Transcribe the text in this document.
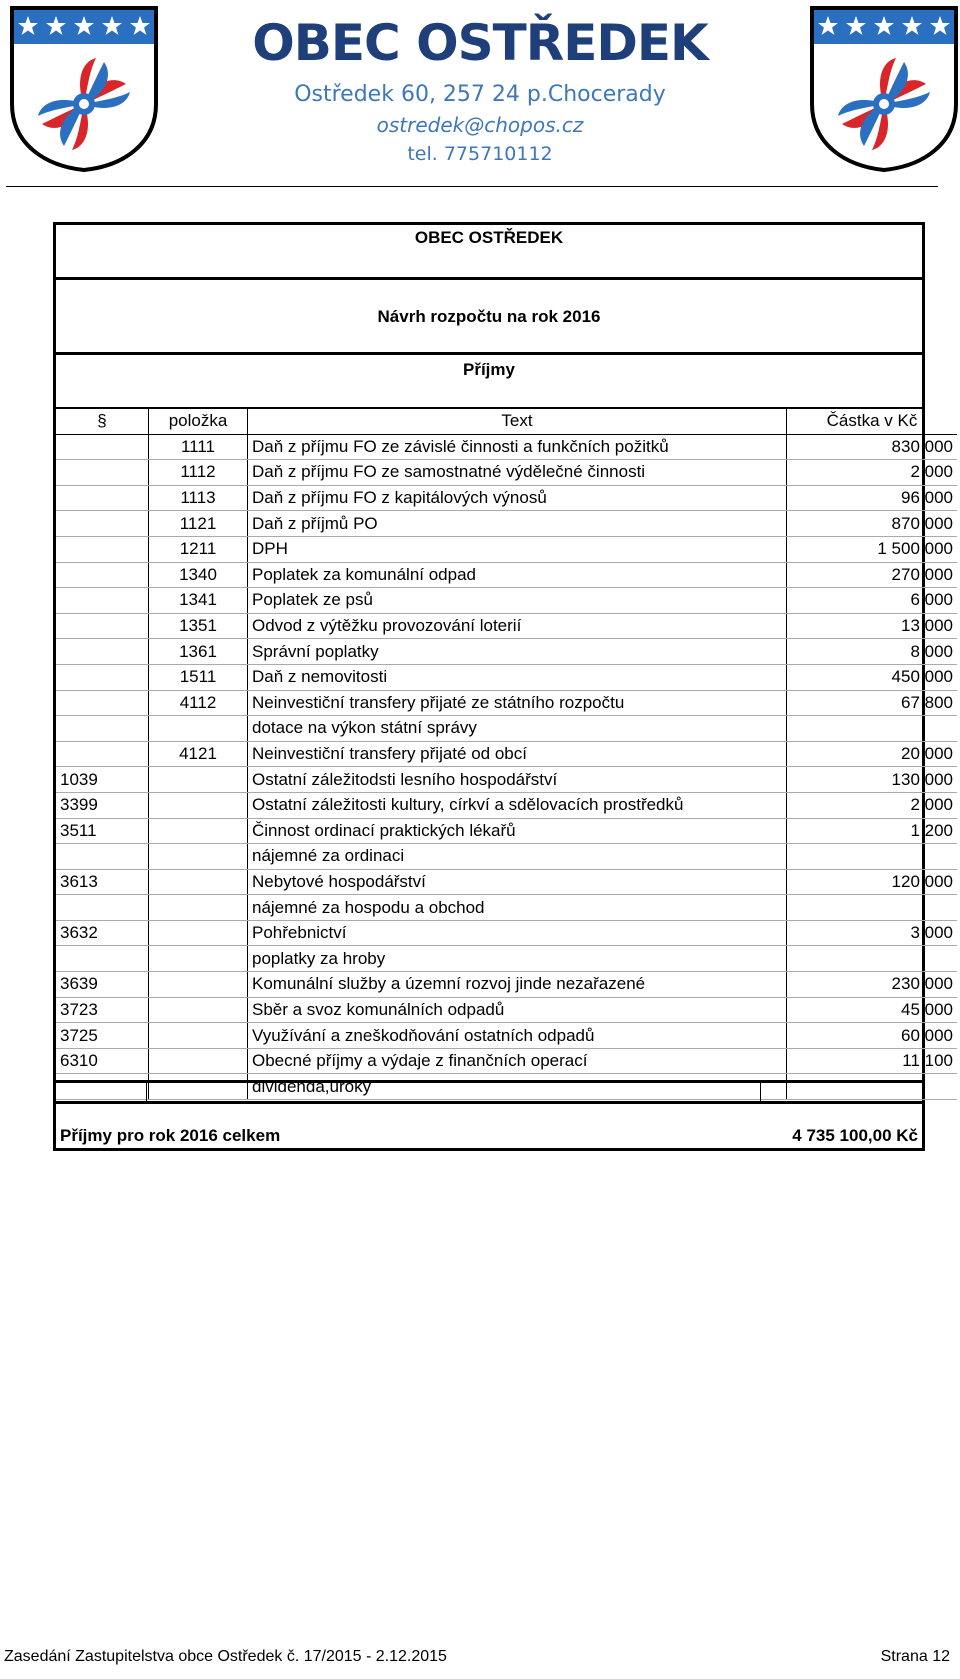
OBEC OSTŘEDEK
Ostředek 60, 257 24 p.Chocerady
ostredek@chopos.cz
tel. 775710112
OBEC OSTŘEDEK
Návrh rozpočtu na rok 2016
Příjmy
§	položka	Text	Částka v Kč
	1111	Daň z příjmu FO ze závislé činnosti a funkčních požitků	830 000
	1112	Daň z příjmu FO ze samostnatné výdělečné činnosti	2 000
	1113	Daň z příjmu FO z kapitálových výnosů	96 000
	1121	Daň z příjmů PO	870 000
	1211	DPH	1 500 000
	1340	Poplatek za komunální odpad	270 000
	1341	Poplatek ze psů	6 000
	1351	Odvod z výtěžku provozování loterií	13 000
	1361	Správní poplatky	8 000
	1511	Daň z nemovitosti	450 000
	4112	Neinvestiční transfery přijaté ze státního rozpočtu	67 800
		dotace na výkon státní správy	
	4121	Neinvestiční transfery přijaté od obcí	20 000
1039		Ostatní záležitodsti lesního hospodářství	130 000
3399		Ostatní záležitosti kultury, církví a sdělovacích prostředků	2 000
3511		Činnost ordinací praktických lékařů	1 200
		nájemné za ordinaci	
3613		Nebytové hospodářství	120 000
		nájemné za hospodu a obchod	
3632		Pohřebnictví	3 000
		poplatky za hroby	
3639		Komunální služby a územní rozvoj jinde nezařazené	230 000
3723		Sběr a svoz komunálních odpadů	45 000
3725		Využívání a zneškodňování ostatních odpadů	60 000
6310		Obecné příjmy a výdaje z finančních operací	11 100
		dividenda,úroky	
Příjmy pro rok 2016 celkem	4 735 100,00 Kč
Zasedání Zastupitelstva obce Ostředek č. 17/2015 - 2.12.2015	Strana 12
